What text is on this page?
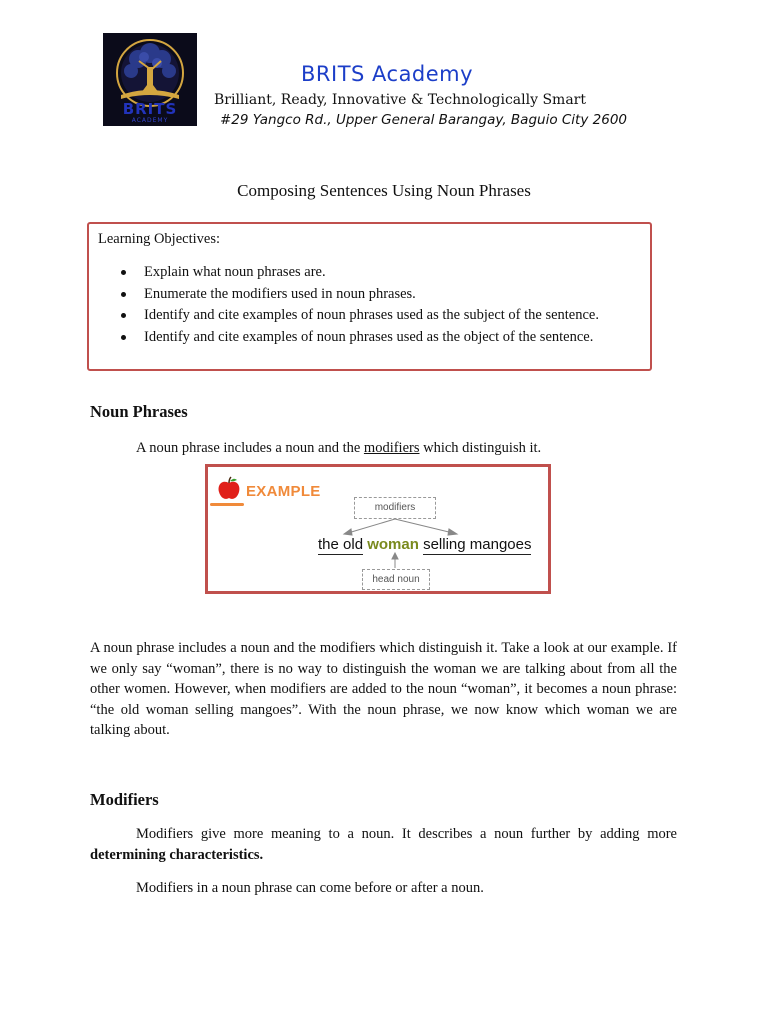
BRITS
ACADEMY
BRITS Academy
Brilliant, Ready, Innovative & Technologically Smart
#29 Yangco Rd., Upper General Barangay, Baguio City 2600
Composing Sentences Using Noun Phrases
Learning Objectives:
Explain what noun phrases are.
Enumerate the modifiers used in noun phrases.
Identify and cite examples of noun phrases used as the subject of the sentence.
Identify and cite examples of noun phrases used as the object of the sentence.
Noun Phrases
A noun phrase includes a noun and the modifiers which distinguish it.
EXAMPLE
modifiers
the old woman selling mangoes
head noun
A noun phrase includes a noun and the modifiers which distinguish it. Take a look at our example. If we only say “woman”, there is no way to distinguish the woman we are talking about from all the other women. However, when modifiers are added to the noun “woman”, it becomes a noun phrase: “the old woman selling mangoes”. With the noun phrase, we now know which woman we are talking about.
Modifiers
Modifiers give more meaning to a noun. It describes a noun further by adding more determining characteristics.
Modifiers in a noun phrase can come before or after a noun.
